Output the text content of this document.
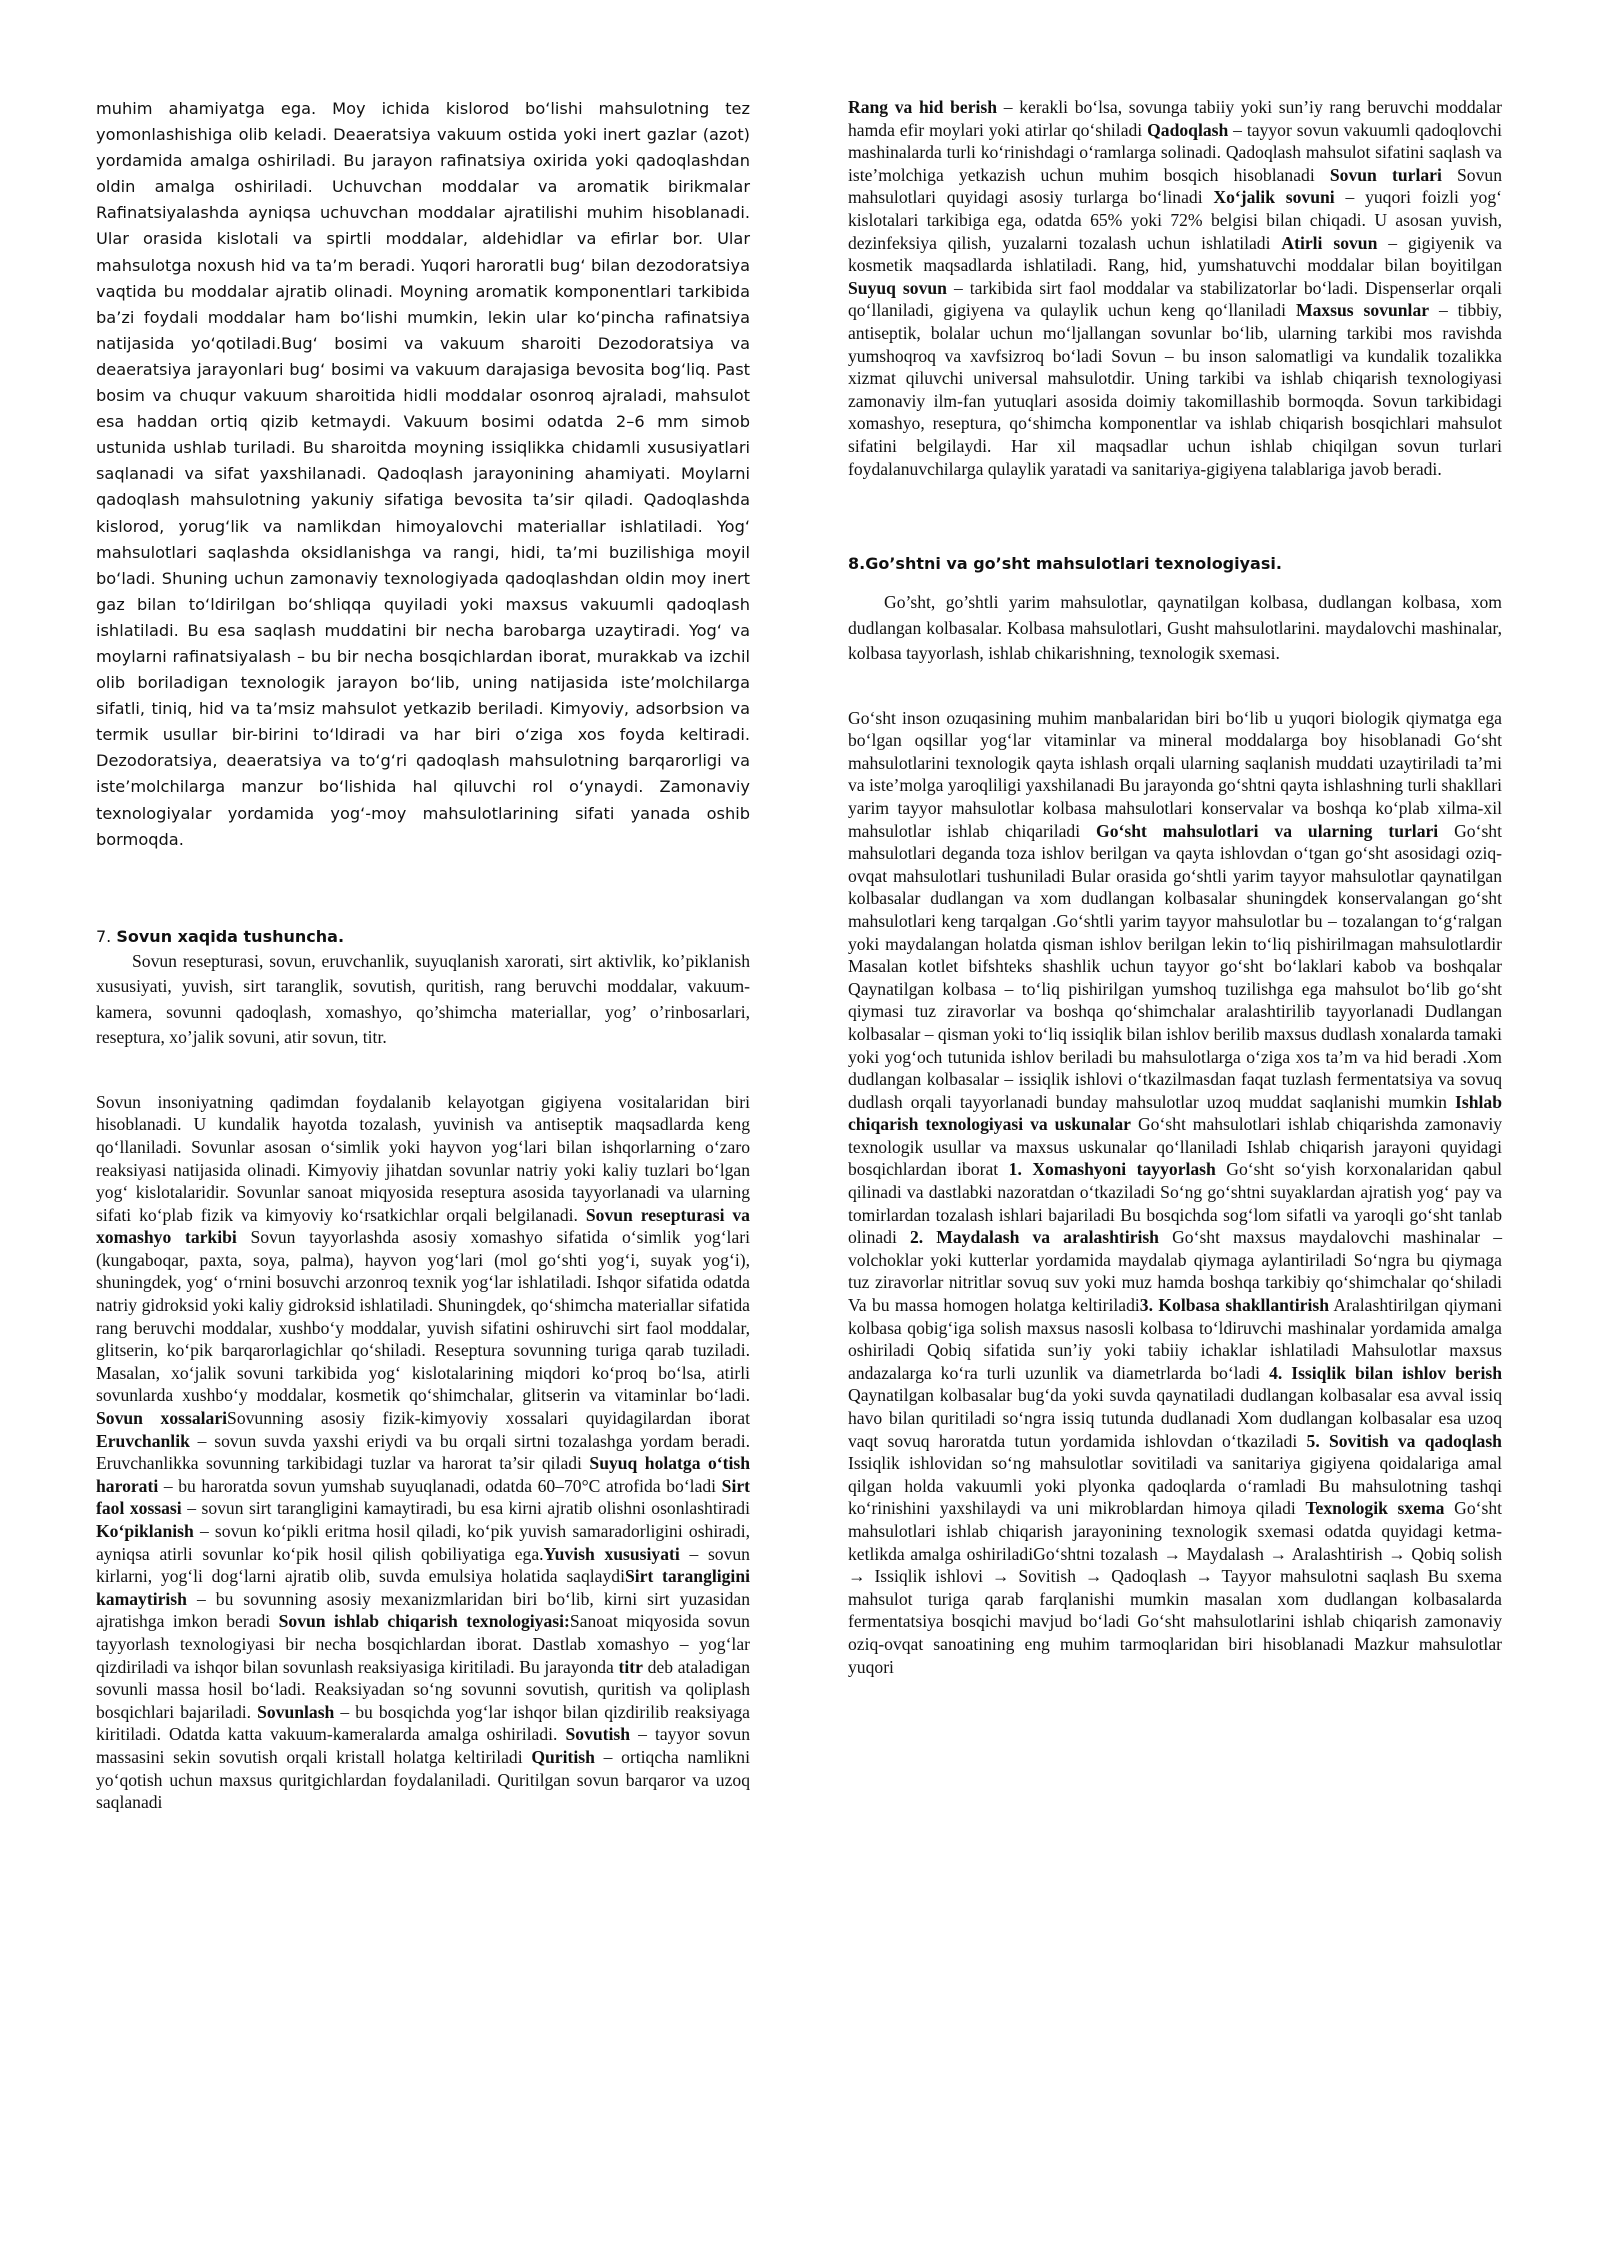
muhim ahamiyatga ega. Moy ichida kislorod bo‘lishi mahsulotning tez yomonlashishiga olib keladi. Deaeratsiya vakuum ostida yoki inert gazlar (azot) yordamida amalga oshiriladi. Bu jarayon rafinatsiya oxirida yoki qadoqlashdan oldin amalga oshiriladi. Uchuvchan moddalar va aromatik birikmalar Rafinatsiyalashda ayniqsa uchuvchan moddalar ajratilishi muhim hisoblanadi. Ular orasida kislotali va spirtli moddalar, aldehidlar va efirlar bor. Ular mahsulotga noxush hid va ta’m beradi. Yuqori haroratli bug‘ bilan dezodoratsiya vaqtida bu moddalar ajratib olinadi. Moyning aromatik komponentlari tarkibida ba’zi foydali moddalar ham bo‘lishi mumkin, lekin ular ko‘pincha rafinatsiya natijasida yo‘qotiladi.Bug‘ bosimi va vakuum sharoiti Dezodoratsiya va deaeratsiya jarayonlari bug‘ bosimi va vakuum darajasiga bevosita bog‘liq. Past bosim va chuqur vakuum sharoitida hidli moddalar osonroq ajraladi, mahsulot esa haddan ortiq qizib ketmaydi. Vakuum bosimi odatda 2–6 mm simob ustunida ushlab turiladi. Bu sharoitda moyning issiqlikka chidamli xususiyatlari saqlanadi va sifat yaxshilanadi. Qadoqlash jarayonining ahamiyati. Moylarni qadoqlash mahsulotning yakuniy sifatiga bevosita ta’sir qiladi. Qadoqlashda kislorod, yorug‘lik va namlikdan himoyalovchi materiallar ishlatiladi. Yog‘ mahsulotlari saqlashda oksidlanishga va rangi, hidi, ta’mi buzilishiga moyil bo‘ladi. Shuning uchun zamonaviy texnologiyada qadoqlashdan oldin moy inert gaz bilan to‘ldirilgan bo‘shliqqa quyiladi yoki maxsus vakuumli qadoqlash ishlatiladi. Bu esa saqlash muddatini bir necha barobarga uzaytiradi. Yog‘ va moylarni rafinatsiyalash – bu bir necha bosqichlardan iborat, murakkab va izchil olib boriladigan texnologik jarayon bo‘lib, uning natijasida iste’molchilarga sifatli, tiniq, hid va ta’msiz mahsulot yetkazib beriladi. Kimyoviy, adsorbsion va termik usullar bir-birini to‘ldiradi va har biri o‘ziga xos foyda keltiradi. Dezodoratsiya, deaeratsiya va to‘g‘ri qadoqlash mahsulotning barqarorligi va iste’molchilarga manzur bo‘lishida hal qiluvchi rol o‘ynaydi. Zamonaviy texnologiyalar yordamida yog‘-moy mahsulotlarining sifati yanada oshib bormoqda.

7. Sovun xaqida tushuncha.

Sovun resepturasi, sovun, eruvchanlik, suyuqlanish xarorati, sirt aktivlik, ko’piklanish xususiyati, yuvish, sirt taranglik, sovutish, quritish, rang beruvchi moddalar, vakuum-kamera, sovunni qadoqlash, xomashyo, qo’shimcha materiallar, yog’ o’rinbosarlari, reseptura, xo’jalik sovuni, atir sovun, titr.

Sovun insoniyatning qadimdan foydalanib kelayotgan gigiyena vositalaridan biri hisoblanadi. U kundalik hayotda tozalash, yuvinish va antiseptik maqsadlarda keng qo‘llaniladi. Sovunlar asosan o‘simlik yoki hayvon yog‘lari bilan ishqorlarning o‘zaro reaksiyasi natijasida olinadi. Kimyoviy jihatdan sovunlar natriy yoki kaliy tuzlari bo‘lgan yog‘ kislotalaridir. Sovunlar sanoat miqyosida resepturа asosida tayyorlanadi va ularning sifati ko‘plab fizik va kimyoviy ko‘rsatkichlar orqali belgilanadi. Sovun resepturasi va xomashyo tarkibi Sovun tayyorlashda asosiy xomashyo sifatida o‘simlik yog‘lari (kungaboqar, paxta, soya, palma), hayvon yog‘lari (mol go‘shti yog‘i, suyak yog‘i), shuningdek, yog‘ o‘rnini bosuvchi arzonroq texnik yog‘lar ishlatiladi. Ishqor sifatida odatda natriy gidroksid yoki kaliy gidroksid ishlatiladi. Shuningdek, qo‘shimcha materiallar sifatida rang beruvchi moddalar, xushbo‘y moddalar, yuvish sifatini oshiruvchi sirt faol moddalar, glitserin, ko‘pik barqarorlagichlar qo‘shiladi. Reseptura sovunning turiga qarab tuziladi. Masalan, xo‘jalik sovuni tarkibida yog‘ kislotalarining miqdori ko‘proq bo‘lsa, atirli sovunlarda xushbo‘y moddalar, kosmetik qo‘shimchalar, glitserin va vitaminlar bo‘ladi. Sovun xossalariSovunning asosiy fizik-kimyoviy xossalari quyidagilardan iborat Eruvchanlik – sovun suvda yaxshi eriydi va bu orqali sirtni tozalashga yordam beradi. Eruvchanlikka sovunning tarkibidagi tuzlar va harorat ta’sir qiladi Suyuq holatga o‘tish harorati – bu haroratda sovun yumshab suyuqlanadi, odatda 60–70°C atrofida bo‘ladi Sirt faol xossasi – sovun sirt tarangligini kamaytiradi, bu esa kirni ajratib olishni osonlashtiradi Ko‘piklanish – sovun ko‘pikli eritma hosil qiladi, ko‘pik yuvish samaradorligini oshiradi, ayniqsa atirli sovunlar ko‘pik hosil qilish qobiliyatiga ega.Yuvish xususiyati – sovun kirlarni, yog‘li dog‘larni ajratib olib, suvda emulsiya holatida saqlaydiSirt tarangligini kamaytirish – bu sovunning asosiy mexanizmlaridan biri bo‘lib, kirni sirt yuzasidan ajratishga imkon beradi Sovun ishlab chiqarish texnologiyasi:Sanoat miqyosida sovun tayyorlash texnologiyasi bir necha bosqichlardan iborat. Dastlab xomashyo – yog‘lar qizdiriladi va ishqor bilan sovunlash reaksiyasiga kiritiladi. Bu jarayonda titr deb ataladigan sovunli massa hosil bo‘ladi. Reaksiyadan so‘ng sovunni sovutish, quritish va qoliplash bosqichlari bajariladi. Sovunlash – bu bosqichda yog‘lar ishqor bilan qizdirilib reaksiyaga kiritiladi. Odatda katta vakuum-kameralarda amalga oshiriladi. Sovutish – tayyor sovun massasini sekin sovutish orqali kristall holatga keltiriladi Quritish – ortiqcha namlikni yo‘qotish uchun maxsus quritgichlardan foydalaniladi. Quritilgan sovun barqaror va uzoq saqlanadi

Rang va hid berish – kerakli bo‘lsa, sovunga tabiiy yoki sun’iy rang beruvchi moddalar hamda efir moylari yoki atirlar qo‘shiladi Qadoqlash – tayyor sovun vakuumli qadoqlovchi mashinalarda turli ko‘rinishdagi o‘ramlarga solinadi. Qadoqlash mahsulot sifatini saqlash va iste’molchiga yetkazish uchun muhim bosqich hisoblanadi Sovun turlari Sovun mahsulotlari quyidagi asosiy turlarga bo‘linadi Xo‘jalik sovuni – yuqori foizli yog‘ kislotalari tarkibiga ega, odatda 65% yoki 72% belgisi bilan chiqadi. U asosan yuvish, dezinfeksiya qilish, yuzalarni tozalash uchun ishlatiladi Atirli sovun – gigiyenik va kosmetik maqsadlarda ishlatiladi. Rang, hid, yumshatuvchi moddalar bilan boyitilgan Suyuq sovun – tarkibida sirt faol moddalar va stabilizatorlar bo‘ladi. Dispenserlar orqali qo‘llaniladi, gigiyena va qulaylik uchun keng qo‘llaniladi Maxsus sovunlar – tibbiy, antiseptik, bolalar uchun mo‘ljallangan sovunlar bo‘lib, ularning tarkibi mos ravishda yumshoqroq va xavfsizroq bo‘ladi Sovun – bu inson salomatligi va kundalik tozalikka xizmat qiluvchi universal mahsulotdir. Uning tarkibi va ishlab chiqarish texnologiyasi zamonaviy ilm-fan yutuqlari asosida doimiy takomillashib bormoqda. Sovun tarkibidagi xomashyo, reseptura, qo‘shimcha komponentlar va ishlab chiqarish bosqichlari mahsulot sifatini belgilaydi. Har xil maqsadlar uchun ishlab chiqilgan sovun turlari foydalanuvchilarga qulaylik yaratadi va sanitariya-gigiyena talablariga javob beradi.

8.Go’shtni va go’sht mahsulotlari texnologiyasi.

Go’sht, go’shtli yarim mahsulotlar, qaynatilgan kolbasa, dudlangan kolbasa, xom dudlangan kolbasalar. Kolbasa mahsulotlari, Gusht mahsulotlarini. maydalovchi mashinalar, kolbasa tayyorlash, ishlab chikarishning, texnologik sxemasi.

Go‘sht inson ozuqasining muhim manbalaridan biri bo‘lib u yuqori biologik qiymatga ega bo‘lgan oqsillar yog‘lar vitaminlar va mineral moddalarga boy hisoblanadi Go‘sht mahsulotlarini texnologik qayta ishlash orqali ularning saqlanish muddati uzaytiriladi ta’mi va iste’molga yaroqliligi yaxshilanadi Bu jarayonda go‘shtni qayta ishlashning turli shakllari yarim tayyor mahsulotlar kolbasa mahsulotlari konservalar va boshqa ko‘plab xilma-xil mahsulotlar ishlab chiqariladi Go‘sht mahsulotlari va ularning turlari Go‘sht mahsulotlari deganda toza ishlov berilgan va qayta ishlovdan o‘tgan go‘sht asosidagi oziq-ovqat mahsulotlari tushuniladi Bular orasida go‘shtli yarim tayyor mahsulotlar qaynatilgan kolbasalar dudlangan va xom dudlangan kolbasalar shuningdek konservalangan go‘sht mahsulotlari keng tarqalgan .Go‘shtli yarim tayyor mahsulotlar bu – tozalangan to‘g‘ralgan yoki maydalangan holatda qisman ishlov berilgan lekin to‘liq pishirilmagan mahsulotlardir Masalan kotlet bifshteks shashlik uchun tayyor go‘sht bo‘laklari kabob va boshqalar Qaynatilgan kolbasa – to‘liq pishirilgan yumshoq tuzilishga ega mahsulot bo‘lib go‘sht qiymasi tuz ziravorlar va boshqa qo‘shimchalar aralashtirilib tayyorlanadi Dudlangan kolbasalar – qisman yoki to‘liq issiqlik bilan ishlov berilib maxsus dudlash xonalarda tamaki yoki yog‘och tutunida ishlov beriladi bu mahsulotlarga o‘ziga xos ta’m va hid beradi .Xom dudlangan kolbasalar – issiqlik ishlovi o‘tkazilmasdan faqat tuzlash fermentatsiya va sovuq dudlash orqali tayyorlanadi bunday mahsulotlar uzoq muddat saqlanishi mumkin Ishlab chiqarish texnologiyasi va uskunalar Go‘sht mahsulotlari ishlab chiqarishda zamonaviy texnologik usullar va maxsus uskunalar qo‘llaniladi Ishlab chiqarish jarayoni quyidagi bosqichlardan iborat 1. Xomashyoni tayyorlash Go‘sht so‘yish korxonalaridan qabul qilinadi va dastlabki nazoratdan o‘tkaziladi So‘ng go‘shtni suyaklardan ajratish yog‘ pay va tomirlardan tozalash ishlari bajariladi Bu bosqichda sog‘lom sifatli va yaroqli go‘sht tanlab olinadi 2. Maydalash va aralashtirish Go‘sht maxsus maydalovchi mashinalar – volchoklar yoki kutterlar yordamida maydalab qiymaga aylantiriladi So‘ngra bu qiymaga tuz ziravorlar nitritlar sovuq suv yoki muz hamda boshqa tarkibiy qo‘shimchalar qo‘shiladi Va bu massa homogen holatga keltiriladi3. Kolbasa shakllantirish Aralashtirilgan qiymani kolbasa qobig‘iga solish maxsus nasosli kolbasa to‘ldiruvchi mashinalar yordamida amalga oshiriladi Qobiq sifatida sun’iy yoki tabiiy ichaklar ishlatiladi Mahsulotlar maxsus andazalarga ko‘ra turli uzunlik va diametrlarda bo‘ladi 4. Issiqlik bilan ishlov berish Qaynatilgan kolbasalar bug‘da yoki suvda qaynatiladi dudlangan kolbasalar esa avval issiq havo bilan quritiladi so‘ngra issiq tutunda dudlanadi Xom dudlangan kolbasalar esa uzoq vaqt sovuq haroratda tutun yordamida ishlovdan o‘tkaziladi 5. Sovitish va qadoqlash Issiqlik ishlovidan so‘ng mahsulotlar sovitiladi va sanitariya gigiyena qoidalariga amal qilgan holda vakuumli yoki plyonka qadoqlarda o‘ramladi Bu mahsulotning tashqi ko‘rinishini yaxshilaydi va uni mikroblardan himoya qiladi Texnologik sxema Go‘sht mahsulotlari ishlab chiqarish jarayonining texnologik sxemasi odatda quyidagi ketma-ketlikda amalga oshiriladiGo‘shtni tozalash → Maydalash → Aralashtirish → Qobiq solish → Issiqlik ishlovi → Sovitish → Qadoqlash → Tayyor mahsulotni saqlash Bu sxema mahsulot turiga qarab farqlanishi mumkin masalan xom dudlangan kolbasalarda fermentatsiya bosqichi mavjud bo‘ladi Go‘sht mahsulotlarini ishlab chiqarish zamonaviy oziq-ovqat sanoatining eng muhim tarmoqlaridan biri hisoblanadi Mazkur mahsulotlar yuqori
